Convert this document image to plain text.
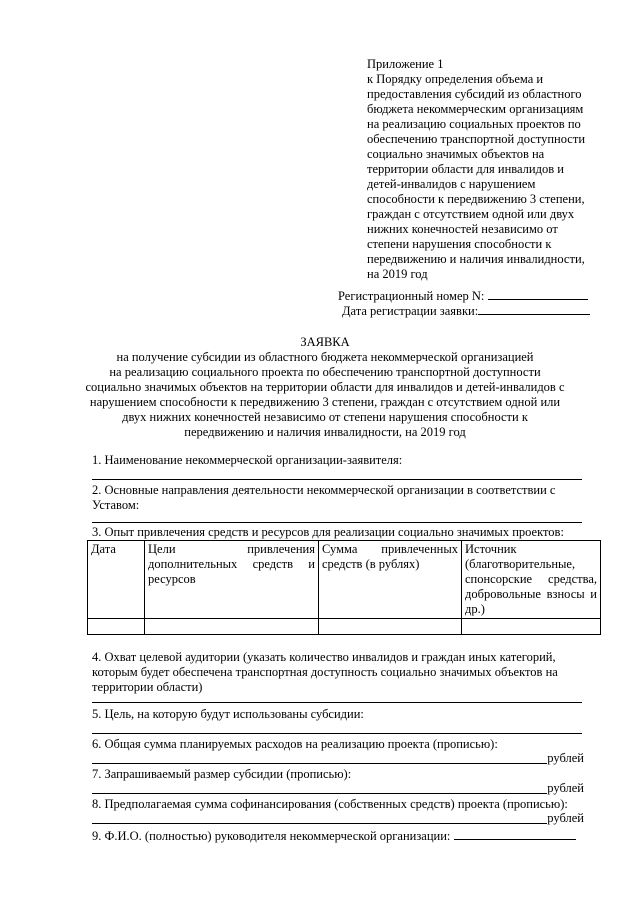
Приложение 1
к Порядку определения объема и
предоставления субсидий из областного
бюджета некоммерческим организациям
на реализацию социальных проектов по
обеспечению транспортной доступности
социально значимых объектов на
территории области для инвалидов и
детей-инвалидов с нарушением
способности к передвижению 3 степени,
граждан с отсутствием одной или двух
нижних конечностей независимо от
степени нарушения способности к
передвижению и наличия инвалидности,
на 2019 год
Регистрационный номер N:
Дата регистрации заявки:
ЗАЯВКА
на получение субсидии из областного бюджета некоммерческой организацией
на реализацию социального проекта по обеспечению транспортной доступности
социально значимых объектов на территории области для инвалидов и детей-инвалидов с
нарушением способности к передвижению 3 степени, граждан с отсутствием одной или
двух нижних конечностей независимо от степени нарушения способности к
передвижению и наличия инвалидности, на 2019 год
1. Наименование некоммерческой организации-заявителя:
2. Основные направления деятельности некоммерческой организации в соответствии с
Уставом:
3. Опыт привлечения средств и ресурсов для реализации социально значимых проектов:
Дата	Цели привлечения дополнительных средств и ресурсов	Сумма привлеченных средств (в рублях)	Источник (благотворительные, спонсорские средства, добровольные взносы и др.)

4. Охват целевой аудитории (указать количество инвалидов и граждан иных категорий,
которым будет обеспечена транспортная доступность социально значимых объектов на
территории области)
5. Цель, на которую будут использованы субсидии:
6. Общая сумма планируемых расходов на реализацию проекта (прописью):
рублей
7. Запрашиваемый размер субсидии (прописью):
рублей
8. Предполагаемая сумма софинансирования (собственных средств) проекта (прописью):
рублей
9. Ф.И.О. (полностью) руководителя некоммерческой организации:
